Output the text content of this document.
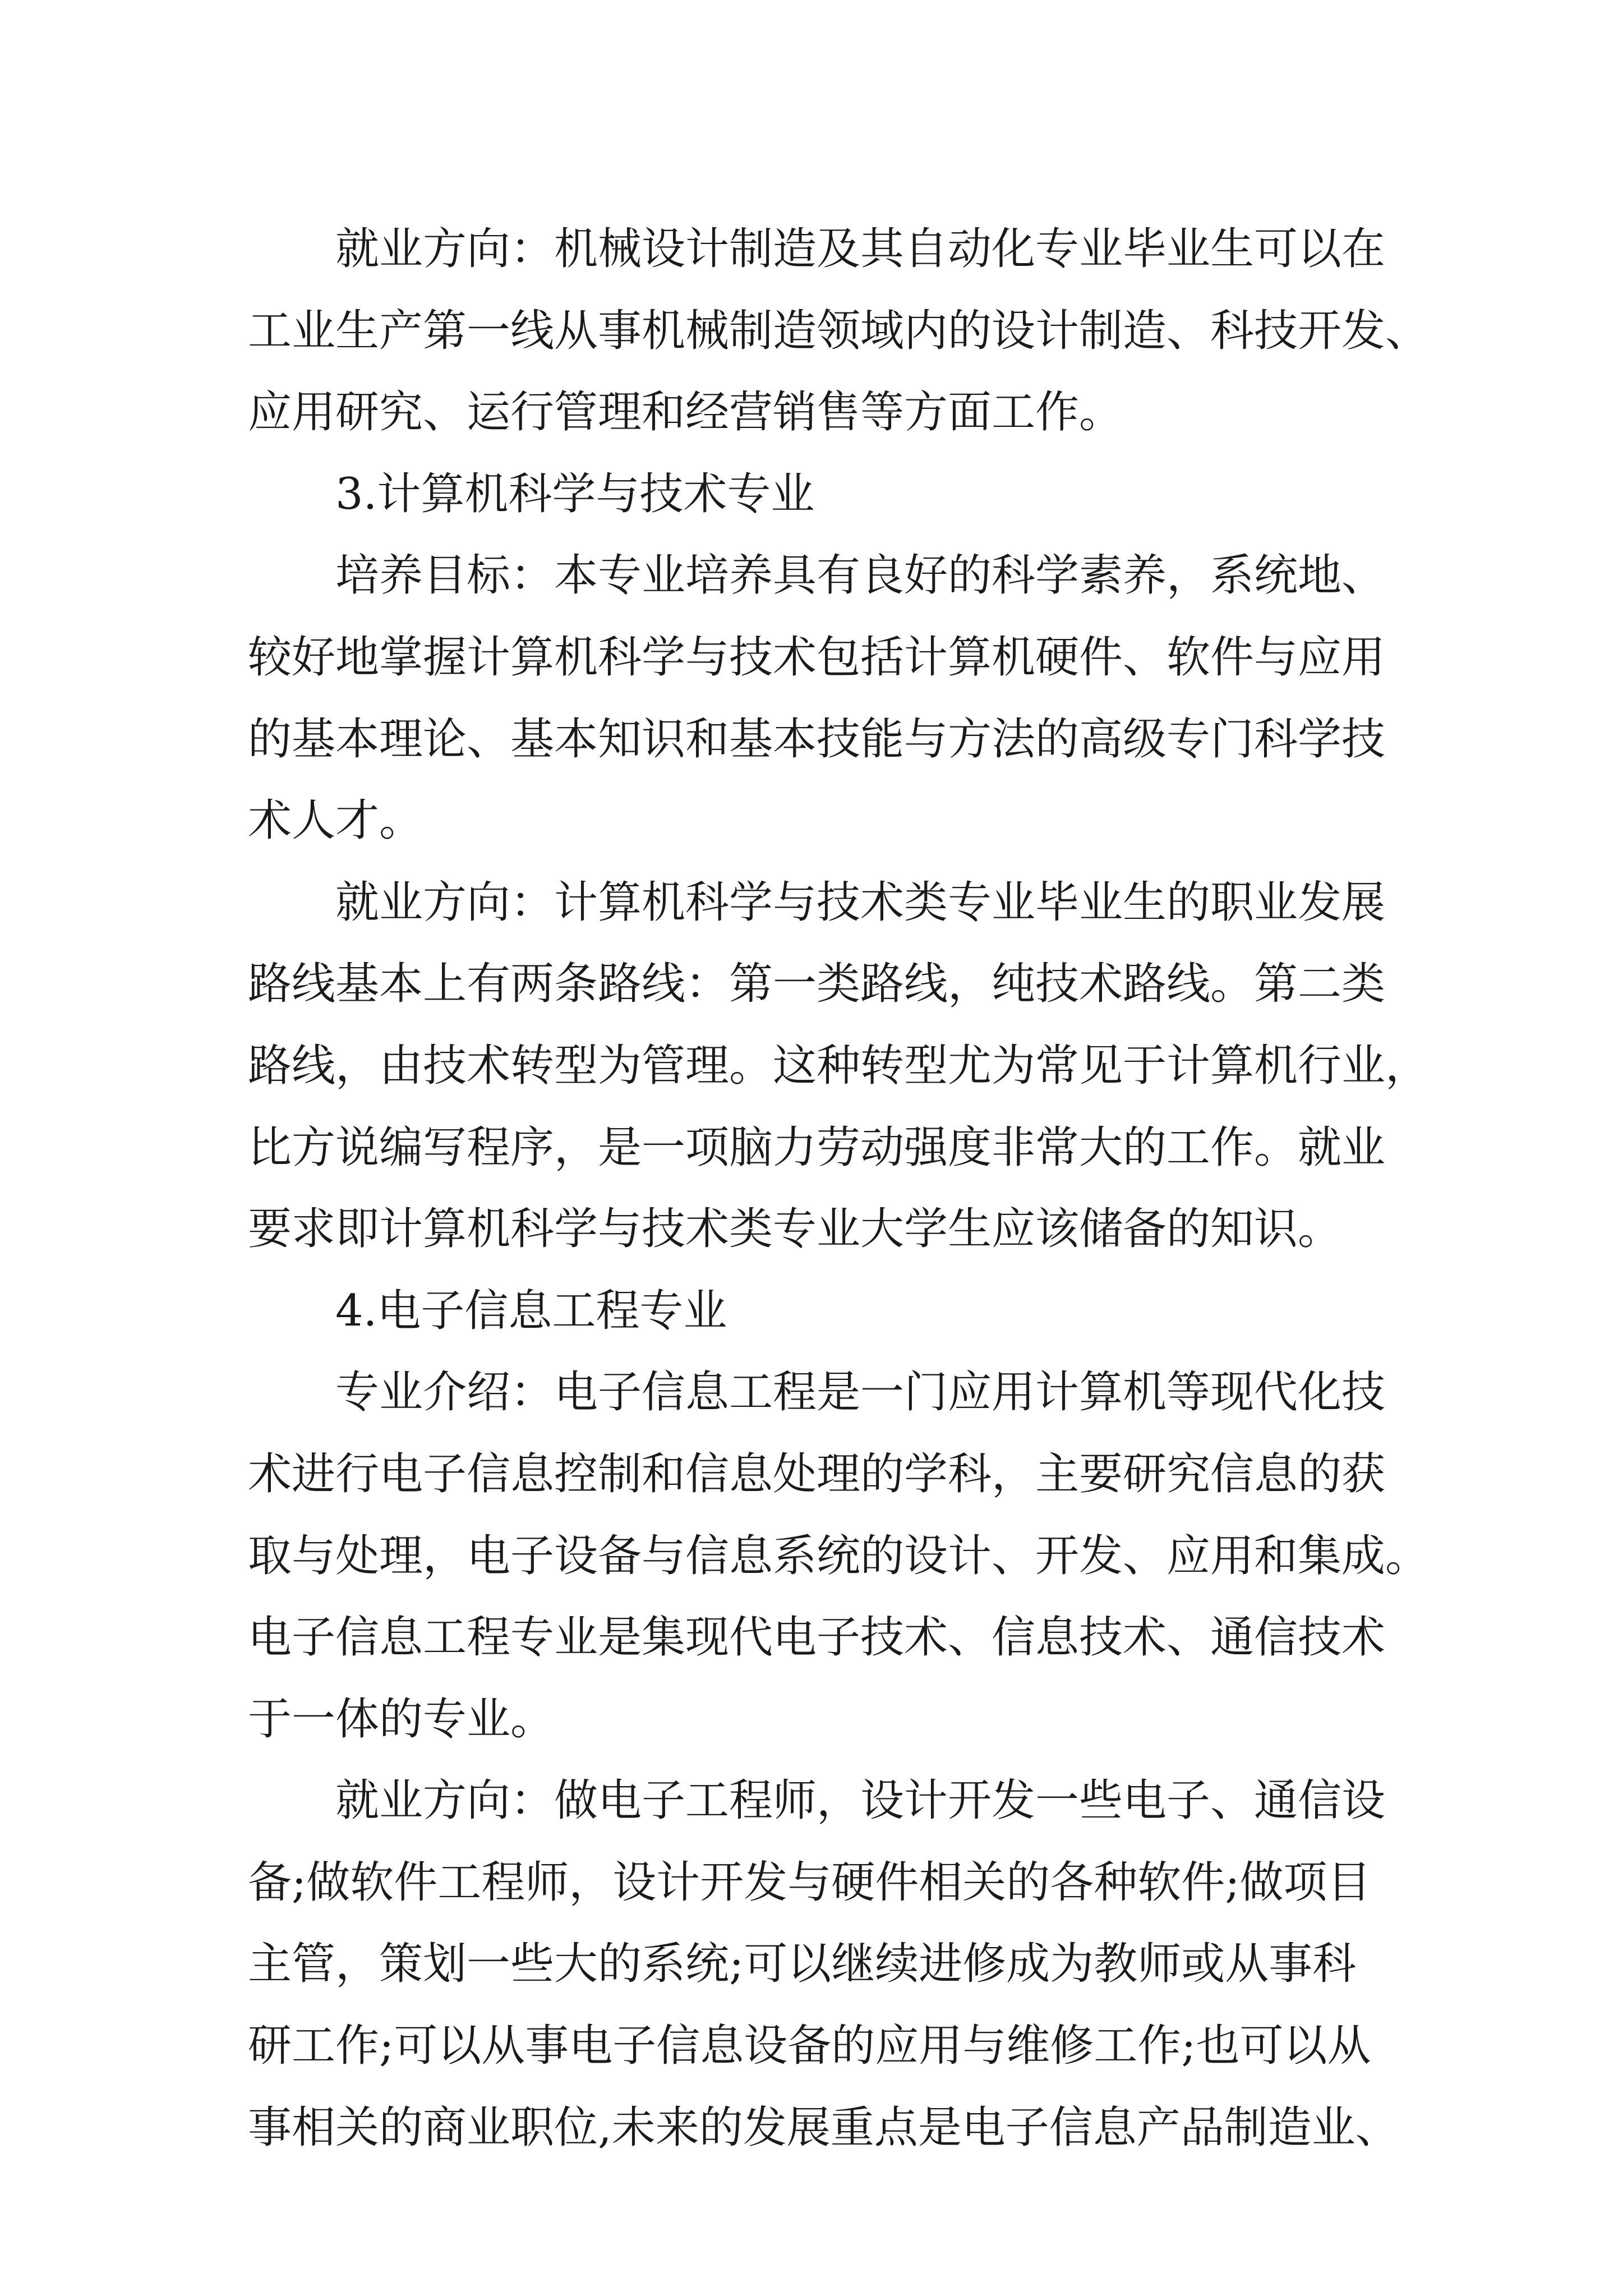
就业方向：机械设计制造及其自动化专业毕业生可以在
工业生产第一线从事机械制造领域内的设计制造、科技开发、
应用研究、运行管理和经营销售等方面工作。
3.计算机科学与技术专业
培养目标：本专业培养具有良好的科学素养，系统地、
较好地掌握计算机科学与技术包括计算机硬件、软件与应用
的基本理论、基本知识和基本技能与方法的高级专门科学技
术人才。
就业方向：计算机科学与技术类专业毕业生的职业发展
路线基本上有两条路线：第一类路线，纯技术路线。第二类
路线，由技术转型为管理。这种转型尤为常见于计算机行业，
比方说编写程序，是一项脑力劳动强度非常大的工作。就业
要求即计算机科学与技术类专业大学生应该储备的知识。
4.电子信息工程专业
专业介绍：电子信息工程是一门应用计算机等现代化技
术进行电子信息控制和信息处理的学科，主要研究信息的获
取与处理，电子设备与信息系统的设计、开发、应用和集成。
电子信息工程专业是集现代电子技术、信息技术、通信技术
于一体的专业。
就业方向：做电子工程师，设计开发一些电子、通信设
备;做软件工程师，设计开发与硬件相关的各种软件;做项目
主管，策划一些大的系统;可以继续进修成为教师或从事科
研工作;可以从事电子信息设备的应用与维修工作;也可以从
事相关的商业职位,未来的发展重点是电子信息产品制造业、
